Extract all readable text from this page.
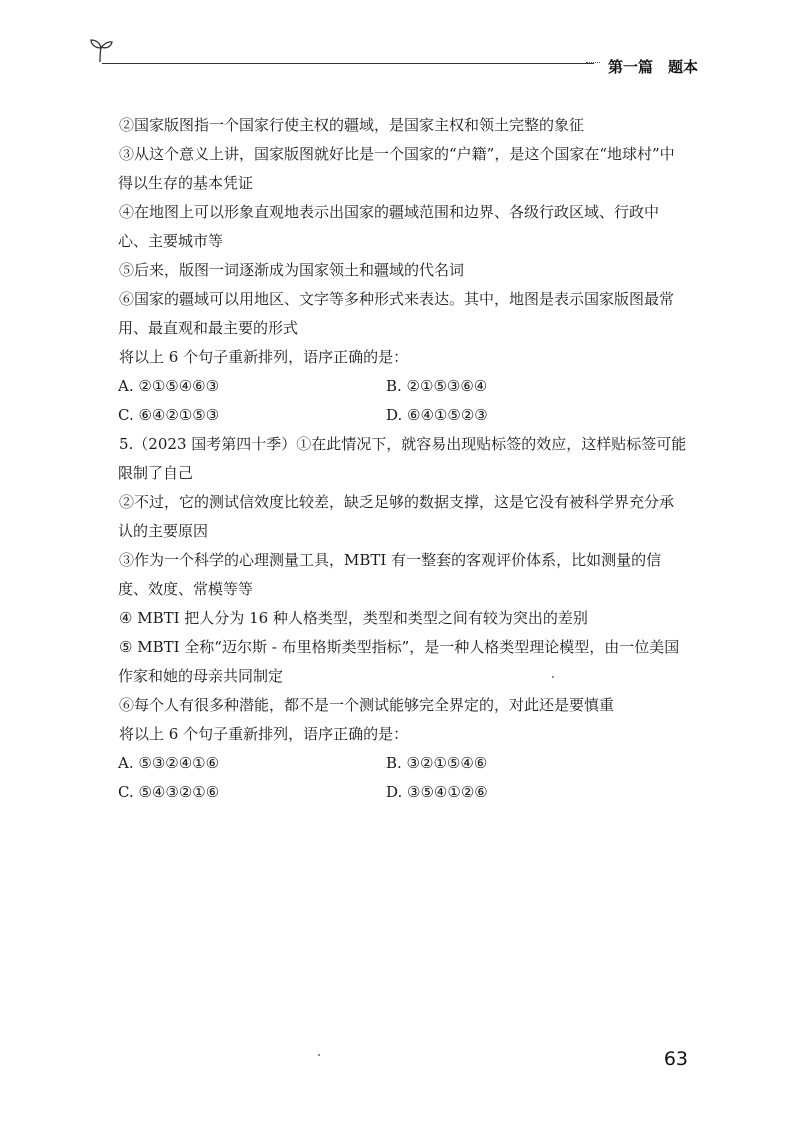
第一篇　题本

②国家版图指一个国家行使主权的疆域，是国家主权和领土完整的象征

③从这个意义上讲，国家版图就好比是一个国家的“户籍”，是这个国家在“地球村”中得以生存的基本凭证

④在地图上可以形象直观地表示出国家的疆域范围和边界、各级行政区域、行政中心、主要城市等

⑤后来，版图一词逐渐成为国家领土和疆域的代名词

⑥国家的疆域可以用地区、文字等多种形式来表达。其中，地图是表示国家版图最常用、最直观和最主要的形式

将以上 6 个句子重新排列，语序正确的是：

A. ②①⑤④⑥③	B. ②①⑤③⑥④
C. ⑥④②①⑤③	D. ⑥④①⑤②③

5.（2023 国考第四十季）①在此情况下，就容易出现贴标签的效应，这样贴标签可能限制了自己

②不过，它的测试信效度比较差，缺乏足够的数据支撑，这是它没有被科学界充分承认的主要原因

③作为一个科学的心理测量工具，MBTI 有一整套的客观评价体系，比如测量的信度、效度、常模等等

④ MBTI 把人分为 16 种人格类型，类型和类型之间有较为突出的差别

⑤ MBTI 全称“迈尔斯 - 布里格斯类型指标”，是一种人格类型理论模型，由一位美国作家和她的母亲共同制定

⑥每个人有很多种潜能，都不是一个测试能够完全界定的，对此还是要慎重

将以上 6 个句子重新排列，语序正确的是：

A. ⑤③②④①⑥	B. ③②①⑤④⑥
C. ⑤④③②①⑥	D. ③⑤④①②⑥
63
